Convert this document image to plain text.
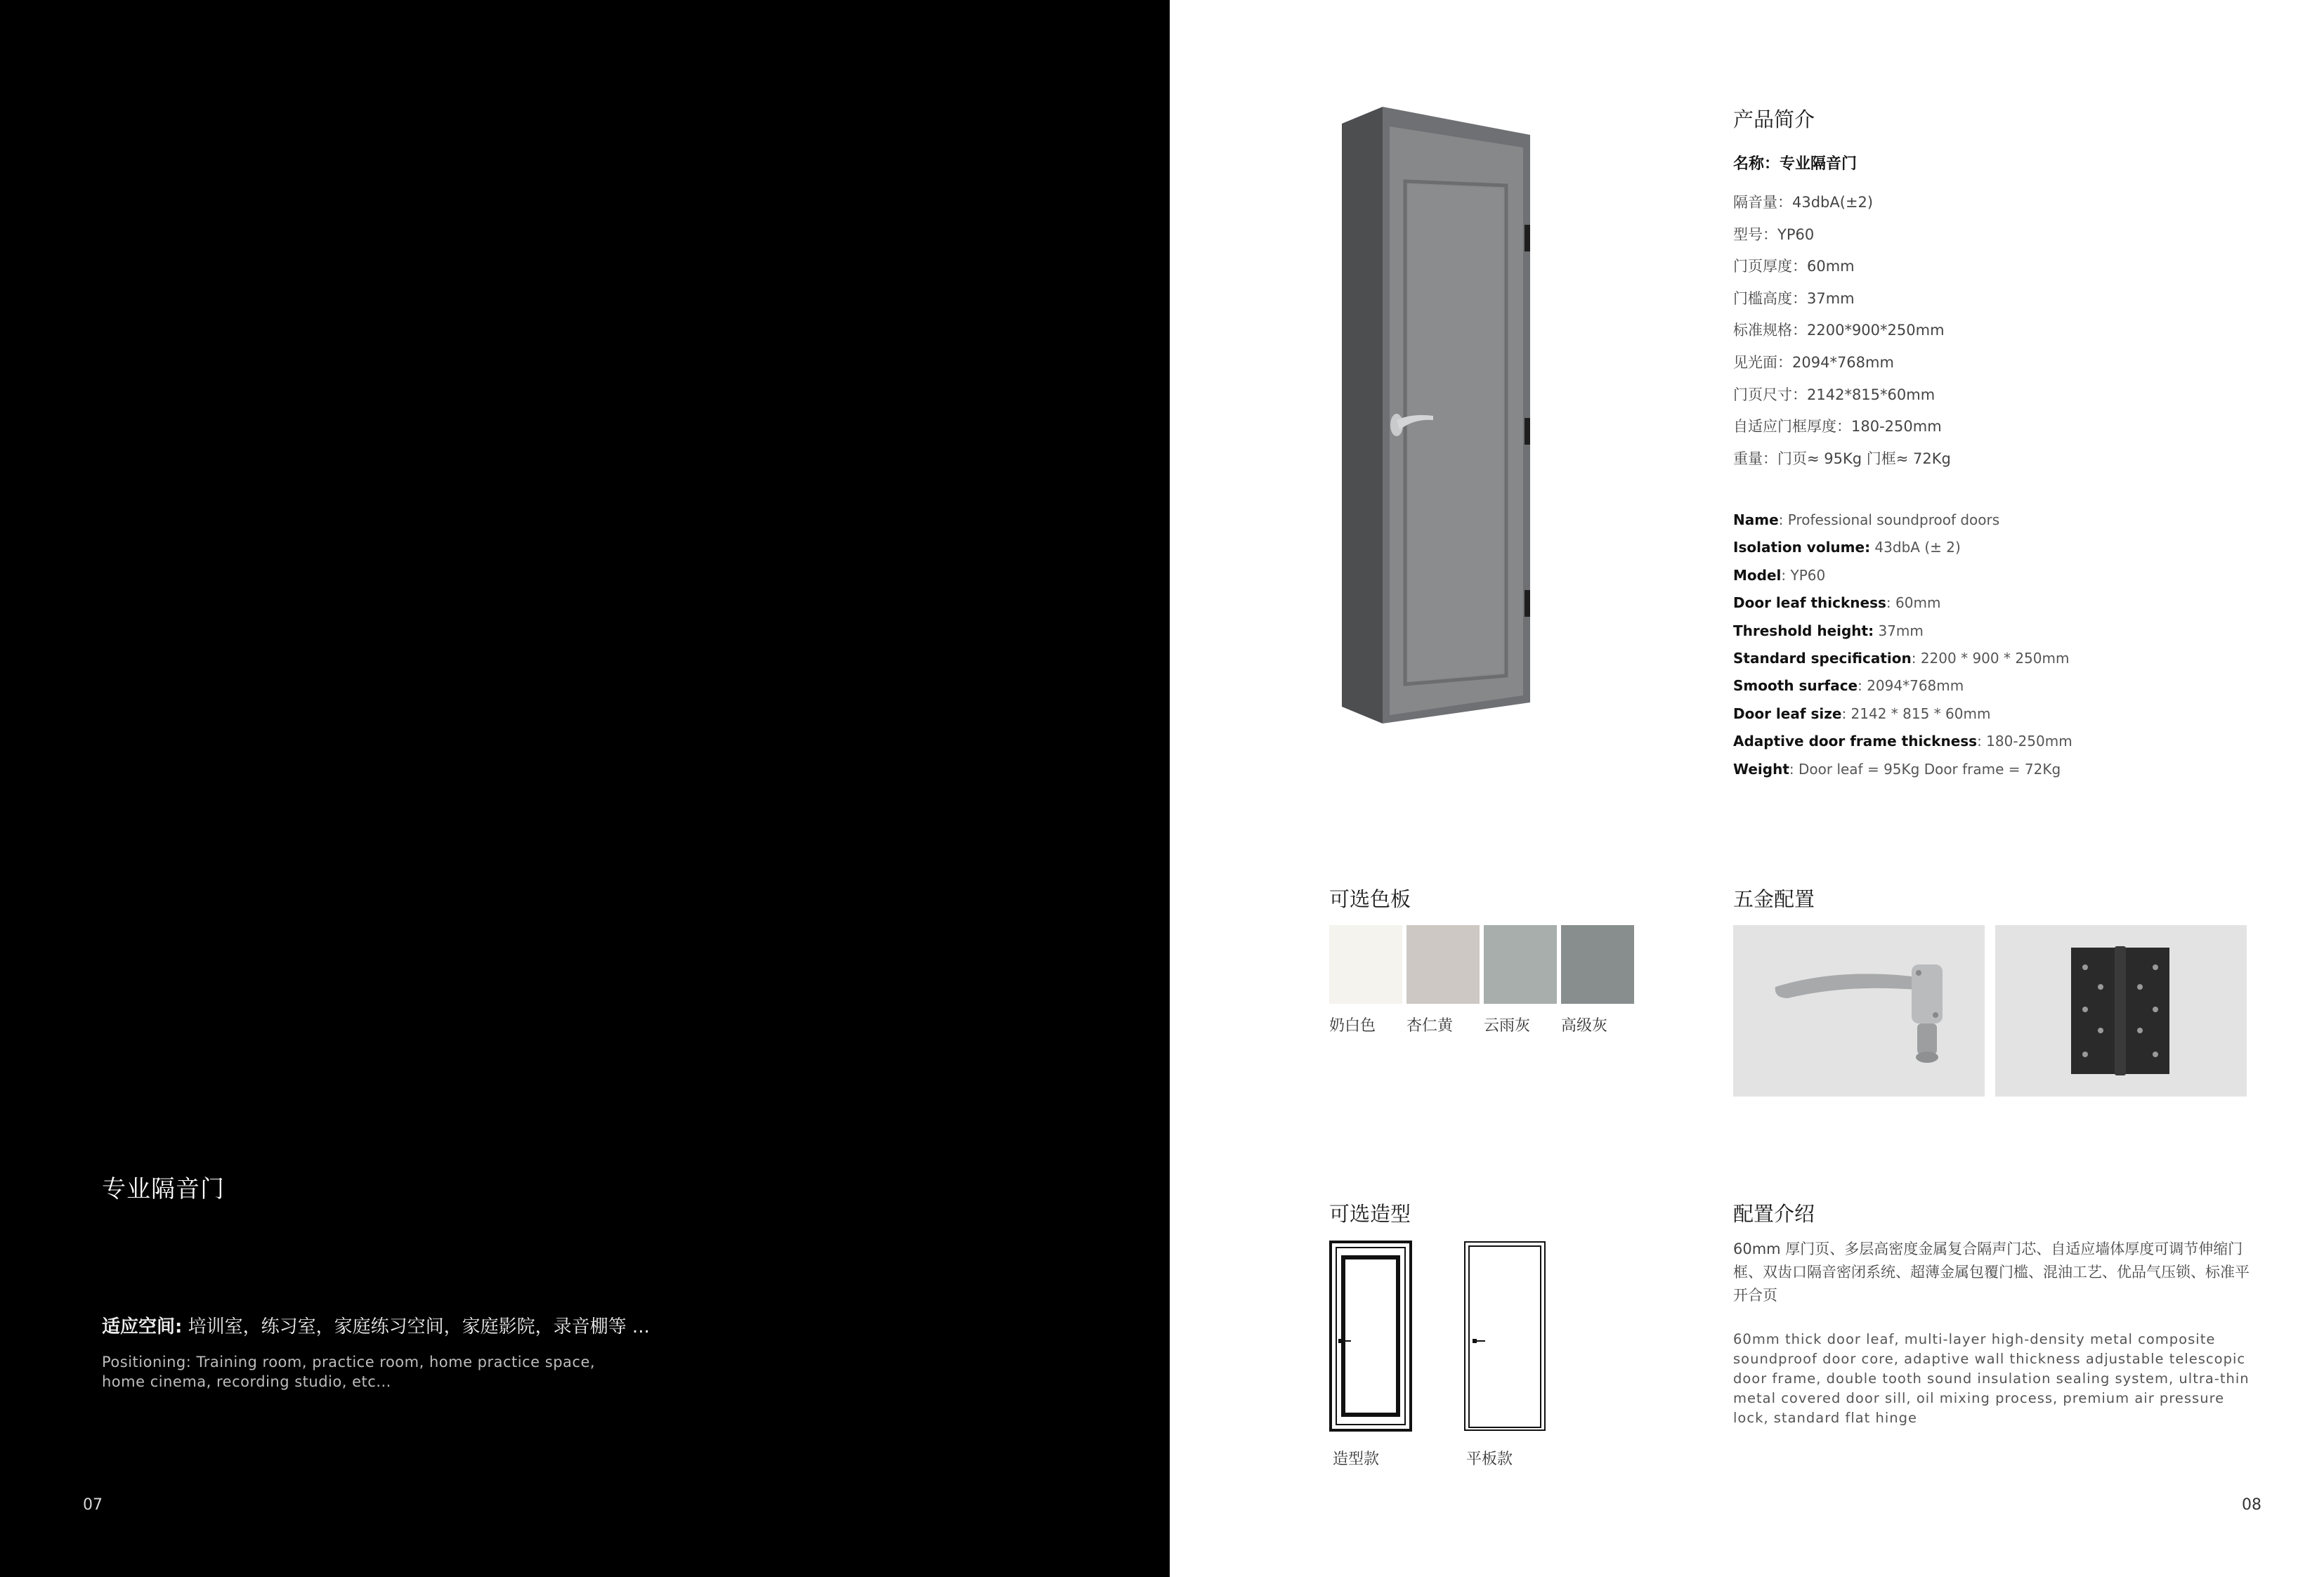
专业隔音门
适应空间: 培训室，练习室，家庭练习空间，家庭影院，录音棚等 ...
Positioning: Training room, practice room, home practice space, home cinema, recording studio, etc...
07
产品简介
名称：专业隔音门
隔音量：43dbA(±2)
型号：YP60
门页厚度：60mm
门槛高度：37mm
标准规格：2200*900*250mm
见光面：2094*768mm
门页尺寸：2142*815*60mm
自适应门框厚度：180-250mm
重量：门页≈ 95Kg 门框≈ 72Kg
Name: Professional soundproof doors
Isolation volume: 43dbA (± 2)
Model: YP60
Door leaf thickness: 60mm
Threshold height: 37mm
Standard specification: 2200 * 900 * 250mm
Smooth surface: 2094*768mm
Door leaf size: 2142 * 815 * 60mm
Adaptive door frame thickness: 180-250mm
Weight: Door leaf = 95Kg Door frame = 72Kg
可选色板
奶白色 杏仁黄 云雨灰 高级灰
五金配置
可选造型
造型款	平板款
配置介绍
60mm 厚门页、多层高密度金属复合隔声门芯、自适应墙体厚度可调节伸缩门框、双齿口隔音密闭系统、超薄金属包覆门槛、混油工艺、优品气压锁、标准平开合页
60mm thick door leaf, multi-layer high-density metal composite soundproof door core, adaptive wall thickness adjustable telescopic door frame, double tooth sound insulation sealing system, ultra-thin metal covered door sill, oil mixing process, premium air pressure lock, standard flat hinge
08
